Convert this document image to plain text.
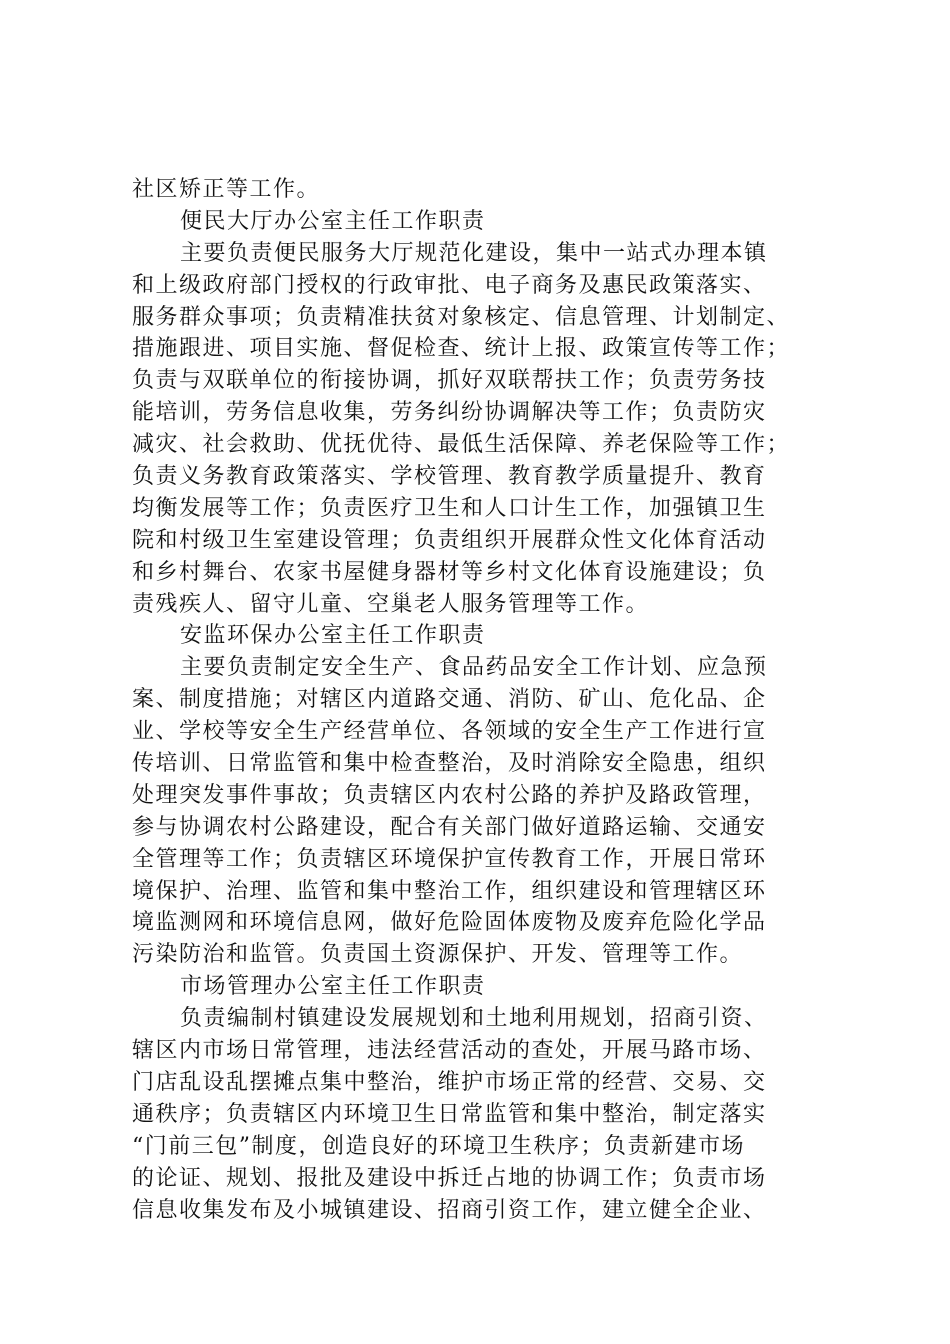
社区矫正等工作。
便民大厅办公室主任工作职责
主要负责便民服务大厅规范化建设，集中一站式办理本镇
和上级政府部门授权的行政审批、电子商务及惠民政策落实、
服务群众事项；负责精准扶贫对象核定、信息管理、计划制定、
措施跟进、项目实施、督促检查、统计上报、政策宣传等工作；
负责与双联单位的衔接协调，抓好双联帮扶工作；负责劳务技
能培训，劳务信息收集，劳务纠纷协调解决等工作；负责防灾
减灾、社会救助、优抚优待、最低生活保障、养老保险等工作；
负责义务教育政策落实、学校管理、教育教学质量提升、教育
均衡发展等工作；负责医疗卫生和人口计生工作，加强镇卫生
院和村级卫生室建设管理；负责组织开展群众性文化体育活动
和乡村舞台、农家书屋健身器材等乡村文化体育设施建设；负
责残疾人、留守儿童、空巢老人服务管理等工作。
安监环保办公室主任工作职责
主要负责制定安全生产、食品药品安全工作计划、应急预
案、制度措施；对辖区内道路交通、消防、矿山、危化品、企
业、学校等安全生产经营单位、各领域的安全生产工作进行宣
传培训、日常监管和集中检查整治，及时消除安全隐患，组织
处理突发事件事故；负责辖区内农村公路的养护及路政管理，
参与协调农村公路建设，配合有关部门做好道路运输、交通安
全管理等工作；负责辖区环境保护宣传教育工作，开展日常环
境保护、治理、监管和集中整治工作，组织建设和管理辖区环
境监测网和环境信息网，做好危险固体废物及废弃危险化学品
污染防治和监管。负责国土资源保护、开发、管理等工作。
市场管理办公室主任工作职责
负责编制村镇建设发展规划和土地利用规划，招商引资、
辖区内市场日常管理，违法经营活动的查处，开展马路市场、
门店乱设乱摆摊点集中整治，维护市场正常的经营、交易、交
通秩序；负责辖区内环境卫生日常监管和集中整治，制定落实
“门前三包”制度，创造良好的环境卫生秩序；负责新建市场
的论证、规划、报批及建设中拆迁占地的协调工作；负责市场
信息收集发布及小城镇建设、招商引资工作，建立健全企业、
